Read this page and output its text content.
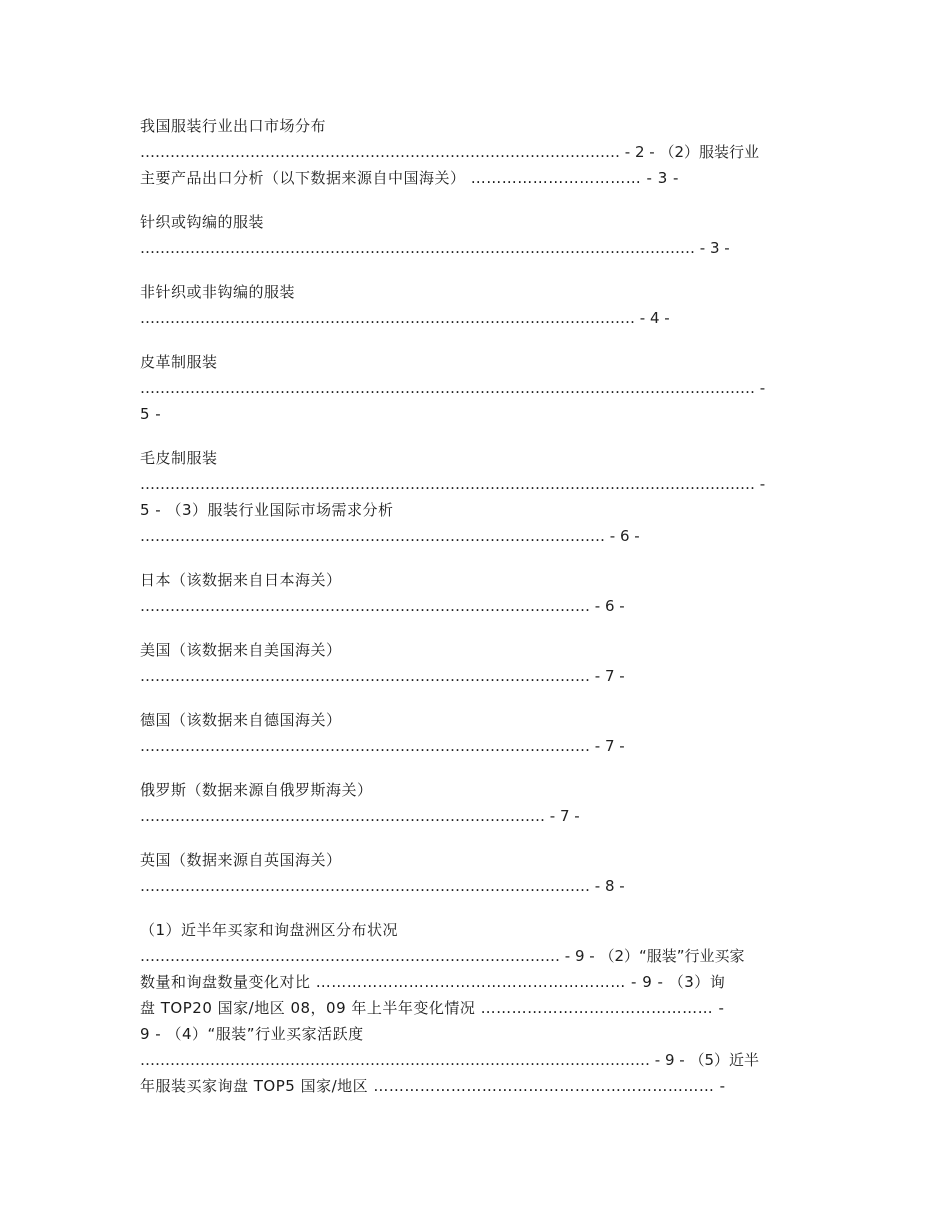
我国服装行业出口市场分布
…………………………………………………………………………………… - 2 - （2）服装行业
主要产品出口分析（以下数据来源自中国海关） …………………………… - 3 -
针织或钩编的服装
………………………………………………………………………………………………… - 3 -
非针织或非钩编的服装
……………………………………………………………………………………… - 4 -
皮革制服装
…………………………………………………………………………………………………………… -
5 -
毛皮制服装
…………………………………………………………………………………………………………… -
5 - （3）服装行业国际市场需求分析
………………………………………………………………………………… - 6 -
日本（该数据来自日本海关）
……………………………………………………………………………… - 6 -
美国（该数据来自美国海关）
……………………………………………………………………………… - 7 -
德国（该数据来自德国海关）
……………………………………………………………………………… - 7 -
俄罗斯（数据来源自俄罗斯海关）
……………………………………………………………………… - 7 -
英国（数据来源自英国海关）
……………………………………………………………………………… - 8 -
（1）近半年买家和询盘洲区分布状况
………………………………………………………………………… - 9 - （2）“服装”行业买家
数量和询盘数量变化对比 …………………………………………………… - 9 - （3）询
盘 TOP20 国家/地区 08，09 年上半年变化情况 ……………………………………… -
9 - （4）“服装”行业买家活跃度
………………………………………………………………………………………… - 9 - （5）近半
年服装买家询盘 TOP5 国家/地区 ………………………………………………………… -
